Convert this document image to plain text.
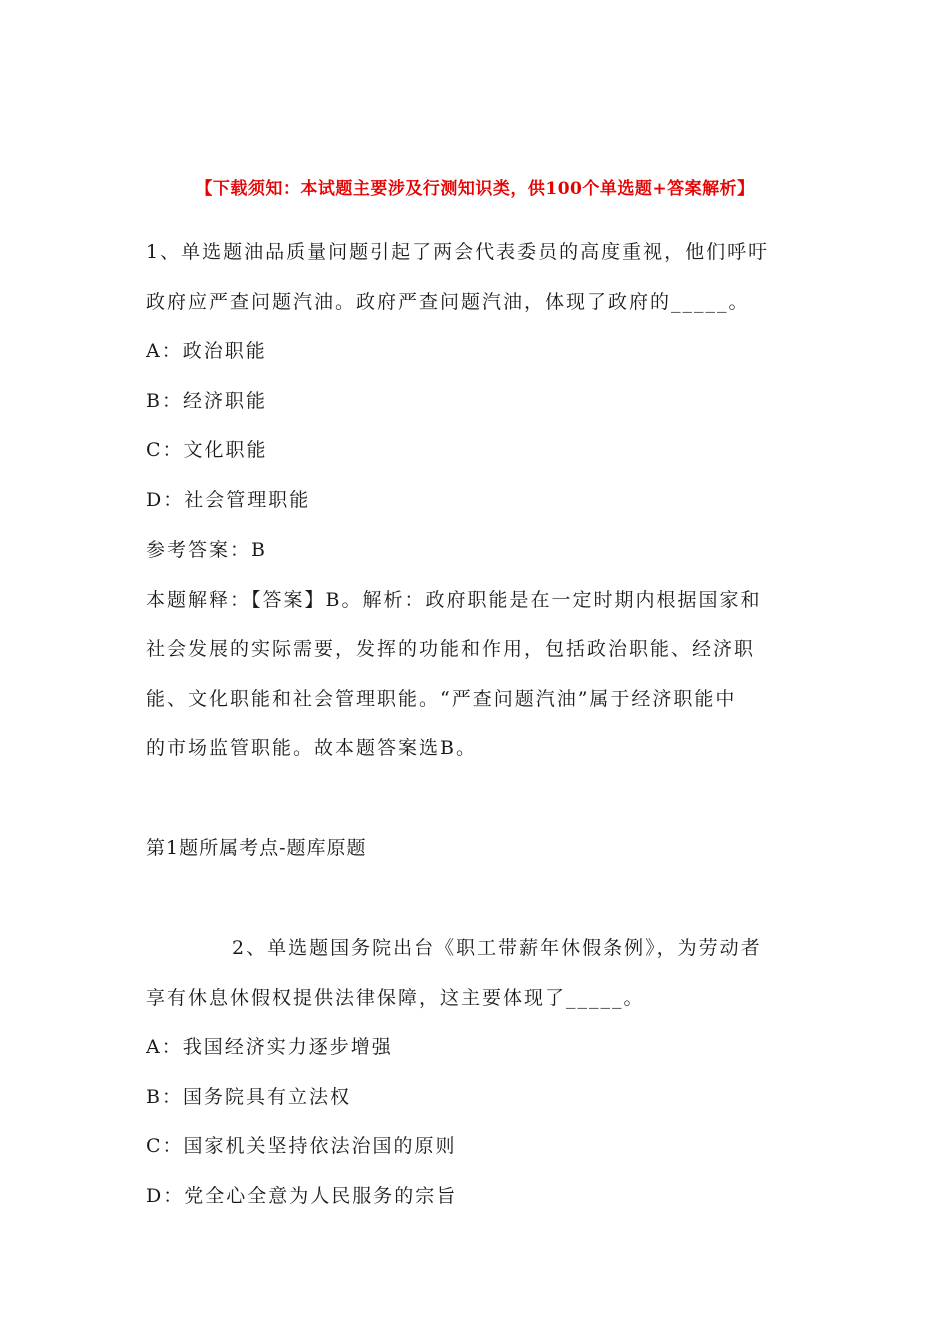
【下载须知：本试题主要涉及行测知识类，供100个单选题+答案解析】
1、单选题油品质量问题引起了两会代表委员的高度重视，他们呼吁
政府应严查问题汽油。政府严查问题汽油，体现了政府的_____。
A：政治职能
B：经济职能
C：文化职能
D：社会管理职能
参考答案：B
本题解释：【答案】B。解析：政府职能是在一定时期内根据国家和
社会发展的实际需要，发挥的功能和作用，包括政治职能、经济职
能、文化职能和社会管理职能。“严查问题汽油”属于经济职能中
的市场监管职能。故本题答案选B。
第1题所属考点-题库原题
2、单选题国务院出台《职工带薪年休假条例》，为劳动者
享有休息休假权提供法律保障，这主要体现了_____。
A：我国经济实力逐步增强
B：国务院具有立法权
C：国家机关坚持依法治国的原则
D：党全心全意为人民服务的宗旨
